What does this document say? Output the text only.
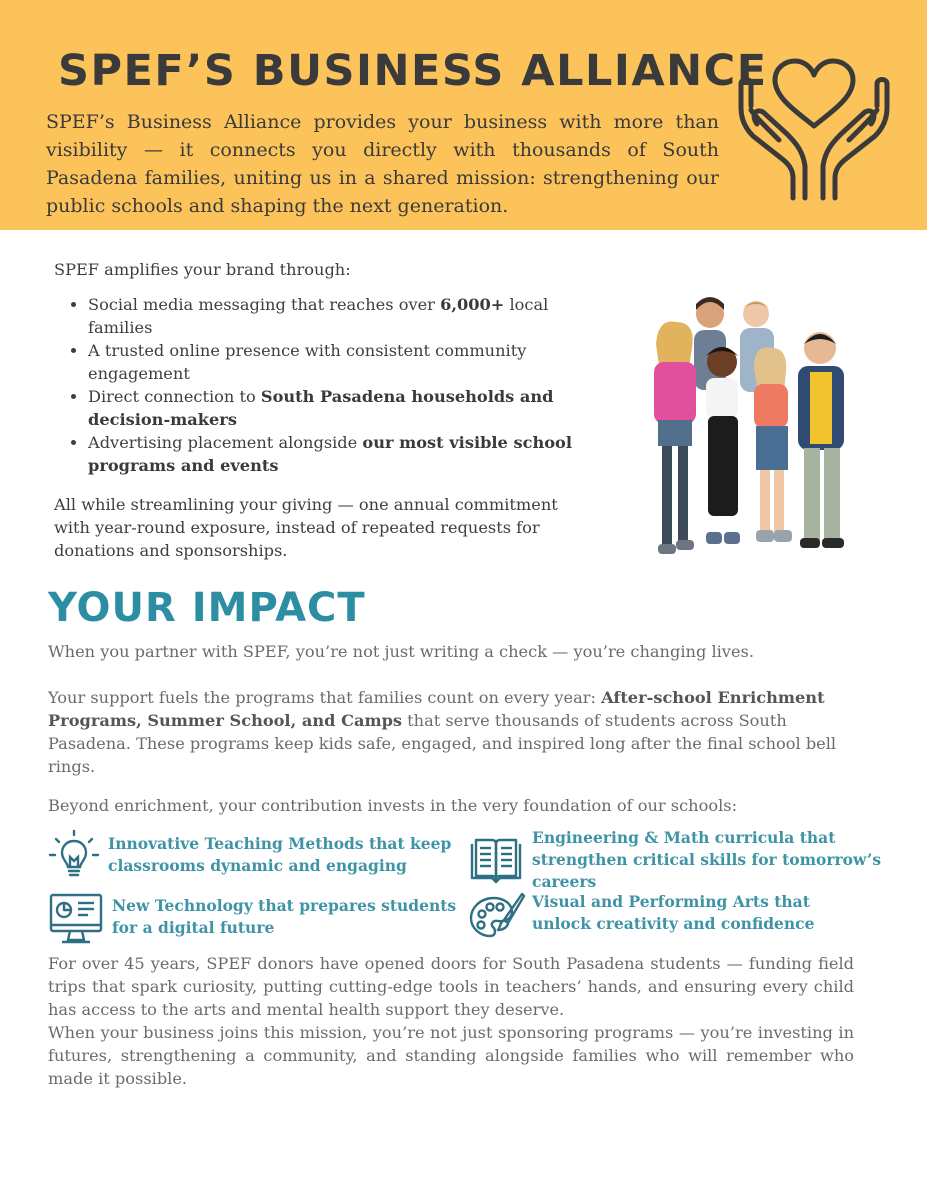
SPEF’S BUSINESS ALLIANCE

SPEF’s Business Alliance provides your business with more than visibility — it connects you directly with thousands of South Pasadena families, uniting us in a shared mission: strengthening our public schools and shaping the next generation.

SPEF amplifies your brand through:

• Social media messaging that reaches over 6,000+ local families
• A trusted online presence with consistent community engagement
• Direct connection to South Pasadena households and decision-makers
• Advertising placement alongside our most visible school programs and events

All while streamlining your giving — one annual commitment with year-round exposure, instead of repeated requests for donations and sponsorships.

YOUR IMPACT

When you partner with SPEF, you’re not just writing a check — you’re changing lives.

Your support fuels the programs that families count on every year: After-school Enrichment Programs, Summer School, and Camps that serve thousands of students across South Pasadena. These programs keep kids safe, engaged, and inspired long after the final school bell rings.

Beyond enrichment, your contribution invests in the very foundation of our schools:

Innovative Teaching Methods that keep classrooms dynamic and engaging
Engineering & Math curricula that strengthen critical skills for tomorrow’s careers
New Technology that prepares students for a digital future
Visual and Performing Arts that unlock creativity and confidence

For over 45 years, SPEF donors have opened doors for South Pasadena students — funding field trips that spark curiosity, putting cutting-edge tools in teachers’ hands, and ensuring every child has access to the arts and mental health support they deserve.

When your business joins this mission, you’re not just sponsoring programs — you’re investing in futures, strengthening a community, and standing alongside families who will remember who made it possible.
